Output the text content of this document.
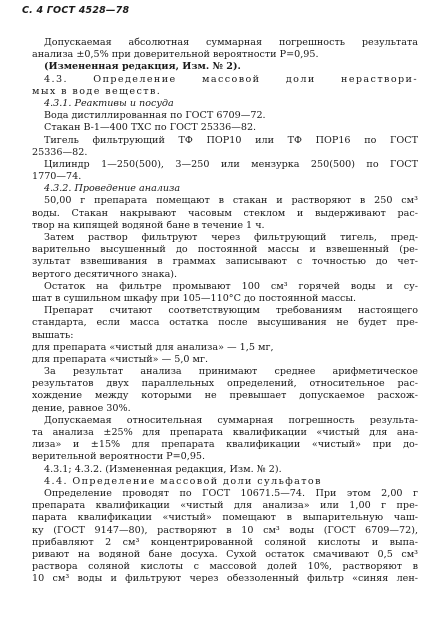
С. 4 ГОСТ 4528—78
Допускаемая абсолютная суммарная погрешность результата
анализа ±0,5% при доверительной вероятности P=0,95.
(Измененная редакция, Изм. № 2).
4.3. Определение массовой доли нераствори-
мых в воде веществ.
4.3.1. Реактивы и посуда
Вода дистиллированная по ГОСТ 6709—72.
Стакан В-1—400 ТХС по ГОСТ 25336—82.
Тигель фильтрующий ТФ ПОР10 или ТФ ПОР16 по ГОСТ
25336—82.
Цилиндр 1—250(500), 3—250 или мензурка 250(500) по ГОСТ
1770—74.
4.3.2. Проведение анализа
50,00 г препарата помещают в стакан и растворяют в 250 см³
воды. Стакан накрывают часовым стеклом и выдерживают рас-
твор на кипящей водяной бане в течение 1 ч.
Затем раствор фильтруют через фильтрующий тигель, пред-
варительно высушенный до постоянной массы и взвешенный (ре-
зультат взвешивания в граммах записывают с точностью до чет-
вертого десятичного знака).
Остаток на фильтре промывают 100 см³ горячей воды и су-
шат в сушильном шкафу при 105—110°С до постоянной массы.
Препарат считают соответствующим требованиям настоящего
стандарта, если масса остатка после высушивания не будет пре-
вышать:
для препарата «чистый для анализа» — 1,5 мг,
для препарата «чистый» — 5,0 мг.
За результат анализа принимают среднее арифметическое
результатов двух параллельных определений, относительное рас-
хождение между которыми не превышает допускаемое расхож-
дение, равное 30%.
Допускаемая относительная суммарная погрешность результа-
та анализа ±25% для препарата квалификации «чистый для ана-
лиза» и ±15% для препарата квалификации «чистый» при до-
верительной вероятности P=0,95.
4.3.1; 4.3.2. (Измененная редакция, Изм. № 2).
4.4. Определение массовой доли сульфатов
Определение проводят по ГОСТ 10671.5—74. При этом 2,00 г
препарата квалификации «чистый для анализа» или 1,00 г пре-
парата квалификации «чистый» помещают в выпарительную чаш-
ку (ГОСТ 9147—80), растворяют в 10 см³ воды (ГОСТ 6709—72),
прибавляют 2 см³ концентрированной соляной кислоты и выпа-
ривают на водяной бане досуха. Сухой остаток смачивают 0,5 см³
раствора соляной кислоты с массовой долей 10%, растворяют в
10 см³ воды и фильтруют через обеззоленный фильтр «синяя лен-
